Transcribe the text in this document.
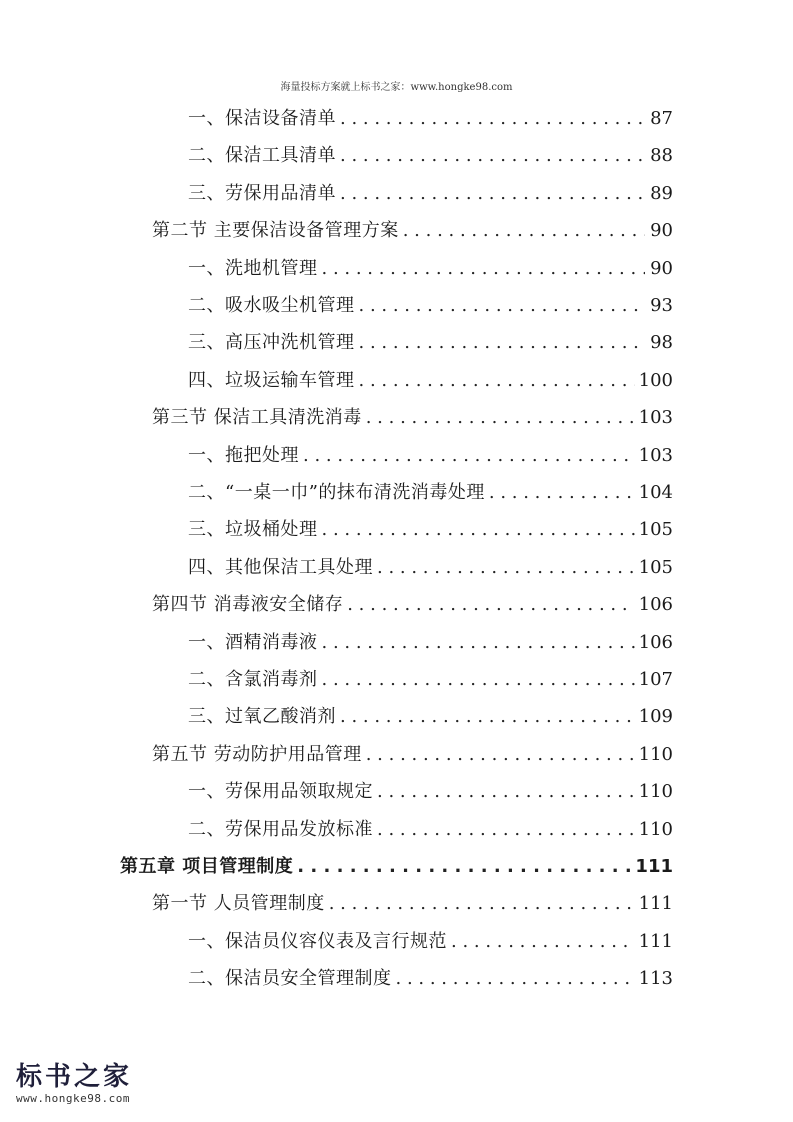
海量投标方案就上标书之家：www.hongke98.com
一、保洁设备清单 . . .	87
二、保洁工具清单 . . .	88
三、劳保用品清单 . . .	89
第二节 主要保洁设备管理方案 . . .	90
一、洗地机管理 . . .	90
二、吸水吸尘机管理 . . .	93
三、高压冲洗机管理 . . .	98
四、垃圾运输车管理 . . .	100
第三节 保洁工具清洗消毒 . . .	103
一、拖把处理 . . .	103
二、“一桌一巾”的抹布清洗消毒处理 . . .	104
三、垃圾桶处理 . . .	105
四、其他保洁工具处理 . . .	105
第四节 消毒液安全储存 . . .	106
一、酒精消毒液 . . .	106
二、含氯消毒剂 . . .	107
三、过氧乙酸消剂 . . .	109
第五节 劳动防护用品管理 . . .	110
一、劳保用品领取规定 . . .	110
二、劳保用品发放标准 . . .	110
第五章 项目管理制度 . . .	111
第一节 人员管理制度 . . .	111
一、保洁员仪容仪表及言行规范 . . .	111
二、保洁员安全管理制度 . . .	113
标书之家
www.hongke98.com
